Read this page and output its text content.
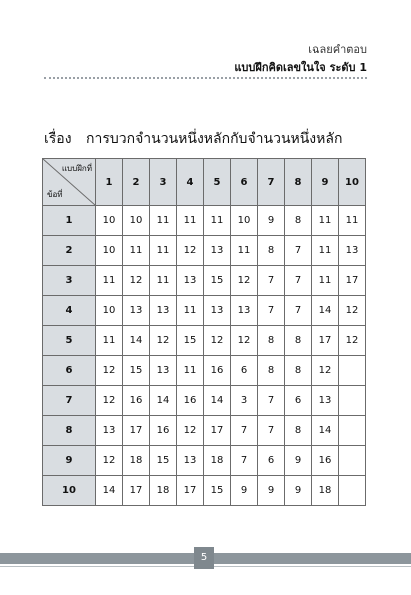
เฉลยคำตอบ
แบบฝึกคิดเลขในใจ ระดับ 1
เรื่อง การบวกจำนวนหนึ่งหลักกับจำนวนหนึ่งหลัก
แบบฝึกที่
ข้อที่	1	2	3	4	5	6	7	8	9	10
1	10	10	11	11	11	10	9	8	11	11
2	10	11	11	12	13	11	8	7	11	13
3	11	12	11	13	15	12	7	7	11	17
4	10	13	13	11	13	13	7	7	14	12
5	11	14	12	15	12	12	8	8	17	12
6	12	15	13	11	16	6	8	8	12	
7	12	16	14	16	14	3	7	6	13	
8	13	17	16	12	17	7	7	8	14	
9	12	18	15	13	18	7	6	9	16	
10	14	17	18	17	15	9	9	9	18	
5
